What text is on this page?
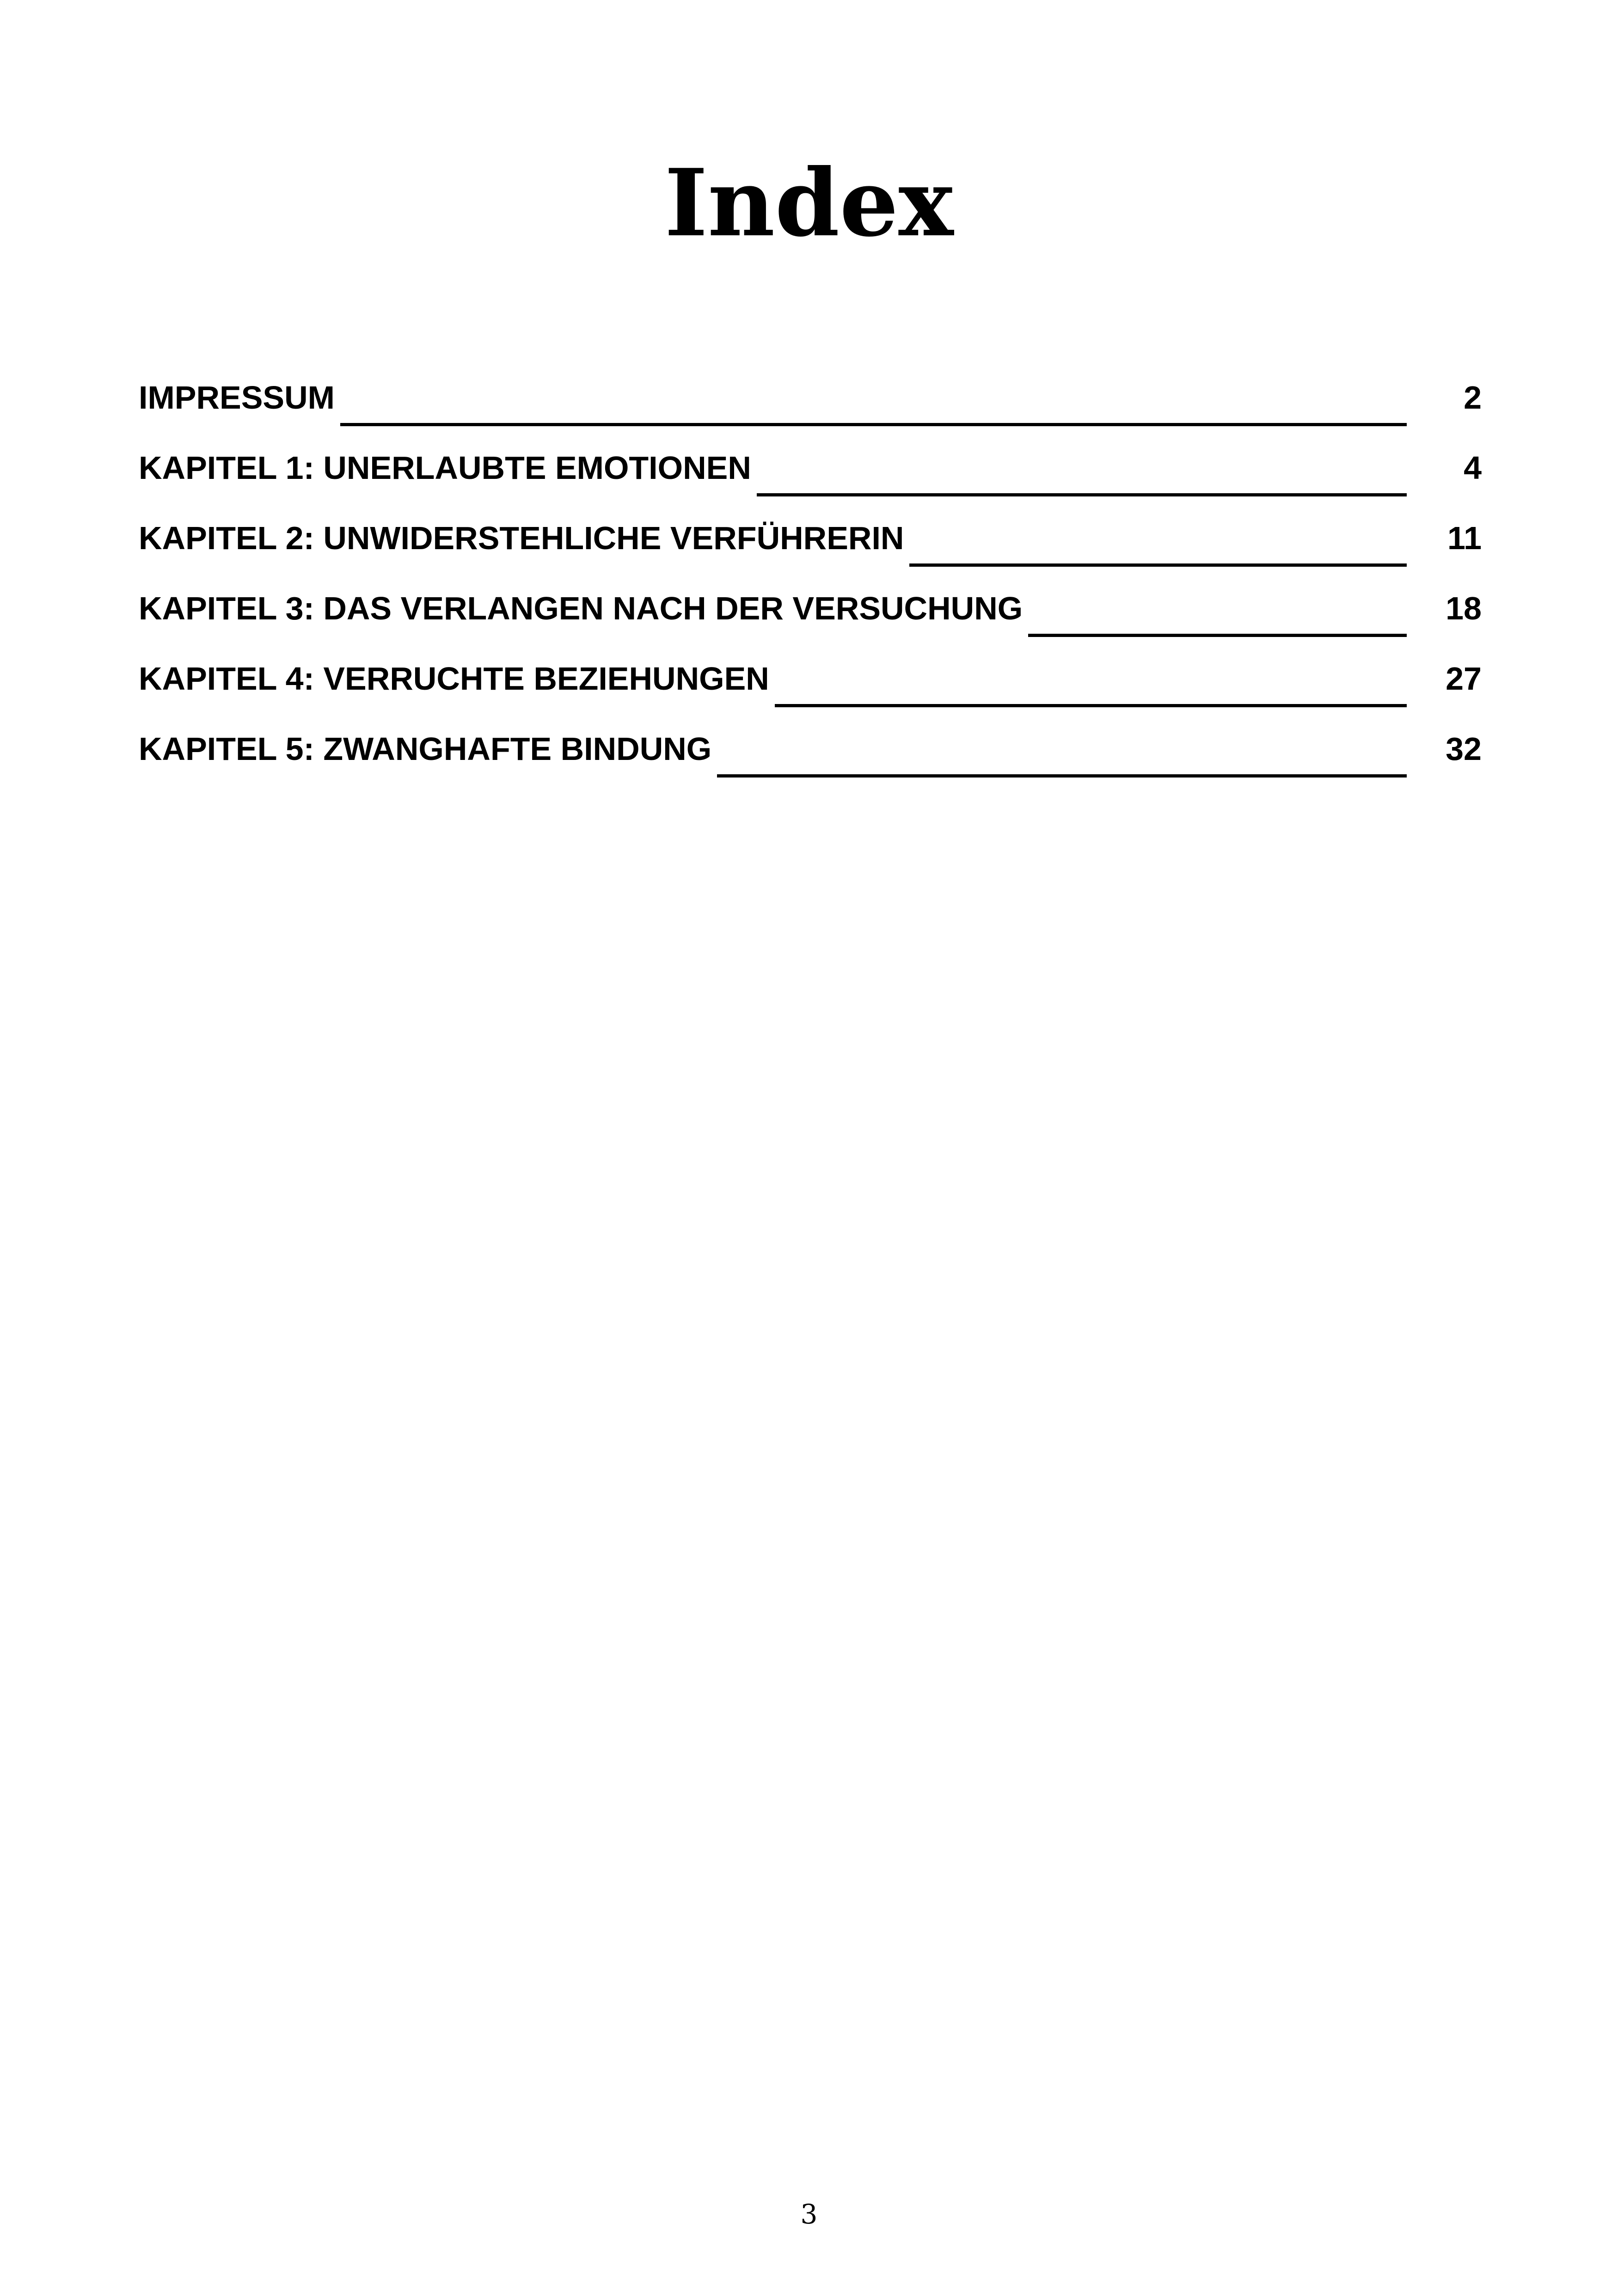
Index
IMPRESSUM	2
KAPITEL 1: UNERLAUBTE EMOTIONEN	4
KAPITEL 2: UNWIDERSTEHLICHE VERFÜHRERIN	11
KAPITEL 3: DAS VERLANGEN NACH DER VERSUCHUNG	18
KAPITEL 4: VERRUCHTE BEZIEHUNGEN	27
KAPITEL 5: ZWANGHAFTE BINDUNG	32
3
